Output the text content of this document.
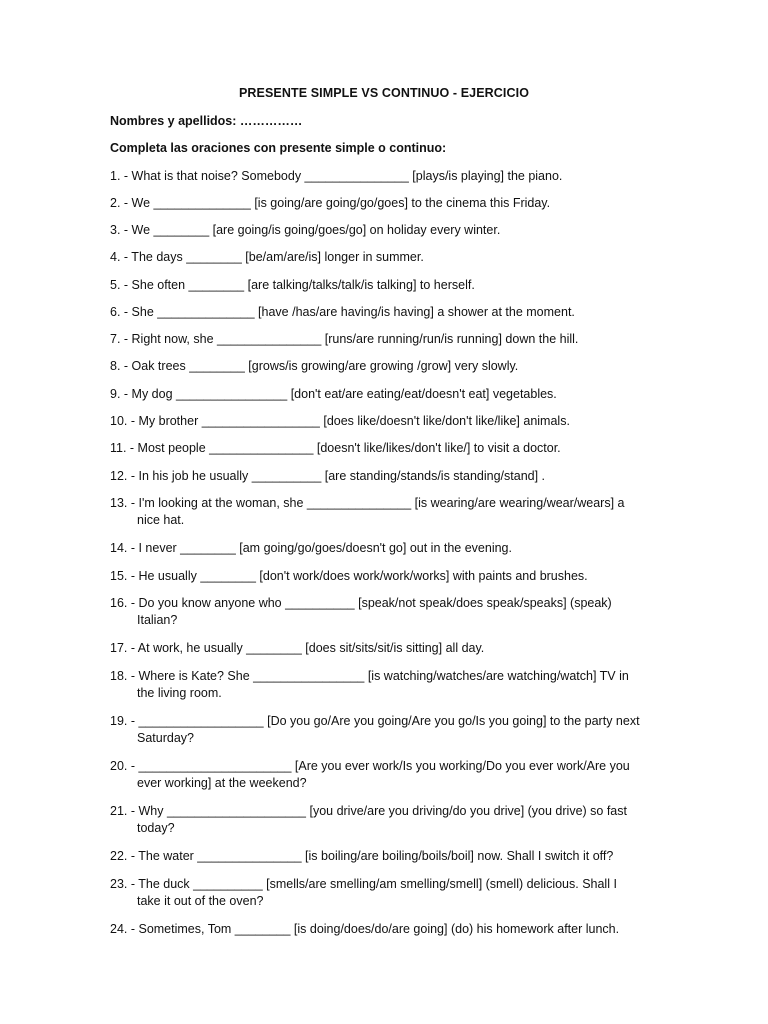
PRESENTE SIMPLE VS CONTINUO - EJERCICIO
Nombres y apellidos: ……………
Completa las oraciones con presente simple o continuo:
1. - What is that noise? Somebody _______________ [plays/is playing] the piano.
2. - We ______________ [is going/are going/go/goes] to the cinema this Friday.
3. - We ________ [are going/is going/goes/go] on holiday every winter.
4. - The days ________ [be/am/are/is] longer in summer.
5. - She often ________ [are talking/talks/talk/is talking] to herself.
6. - She ______________ [have /has/are having/is having] a shower at the moment.
7. - Right now, she _______________ [runs/are running/run/is running] down the hill.
8. - Oak trees ________ [grows/is growing/are growing /grow] very slowly.
9. - My dog ________________ [don't eat/are eating/eat/doesn't eat] vegetables.
10. - My brother _________________ [does like/doesn't like/don't like/like] animals.
11. - Most people _______________ [doesn't like/likes/don't like/] to visit a doctor.
12. - In his job he usually __________ [are standing/stands/is standing/stand] .
13. - I'm looking at the woman, she _______________ [is wearing/are wearing/wear/wears] a
nice hat.
14. - I never ________ [am going/go/goes/doesn't go] out in the evening.
15. - He usually ________ [don't work/does work/work/works] with paints and brushes.
16. - Do you know anyone who __________ [speak/not speak/does speak/speaks] (speak)
Italian?
17. - At work, he usually ________ [does sit/sits/sit/is sitting] all day.
18. - Where is Kate? She ________________ [is watching/watches/are watching/watch] TV in
the living room.
19. - __________________ [Do you go/Are you going/Are you go/Is you going] to the party next
Saturday?
20. - ______________________ [Are you ever work/Is you working/Do you ever work/Are you
ever working] at the weekend?
21. - Why ____________________ [you drive/are you driving/do you drive] (you drive) so fast
today?
22. - The water _______________ [is boiling/are boiling/boils/boil] now. Shall I switch it off?
23. - The duck __________ [smells/are smelling/am smelling/smell] (smell) delicious. Shall I
take it out of the oven?
24. - Sometimes, Tom ________ [is doing/does/do/are going] (do) his homework after lunch.
